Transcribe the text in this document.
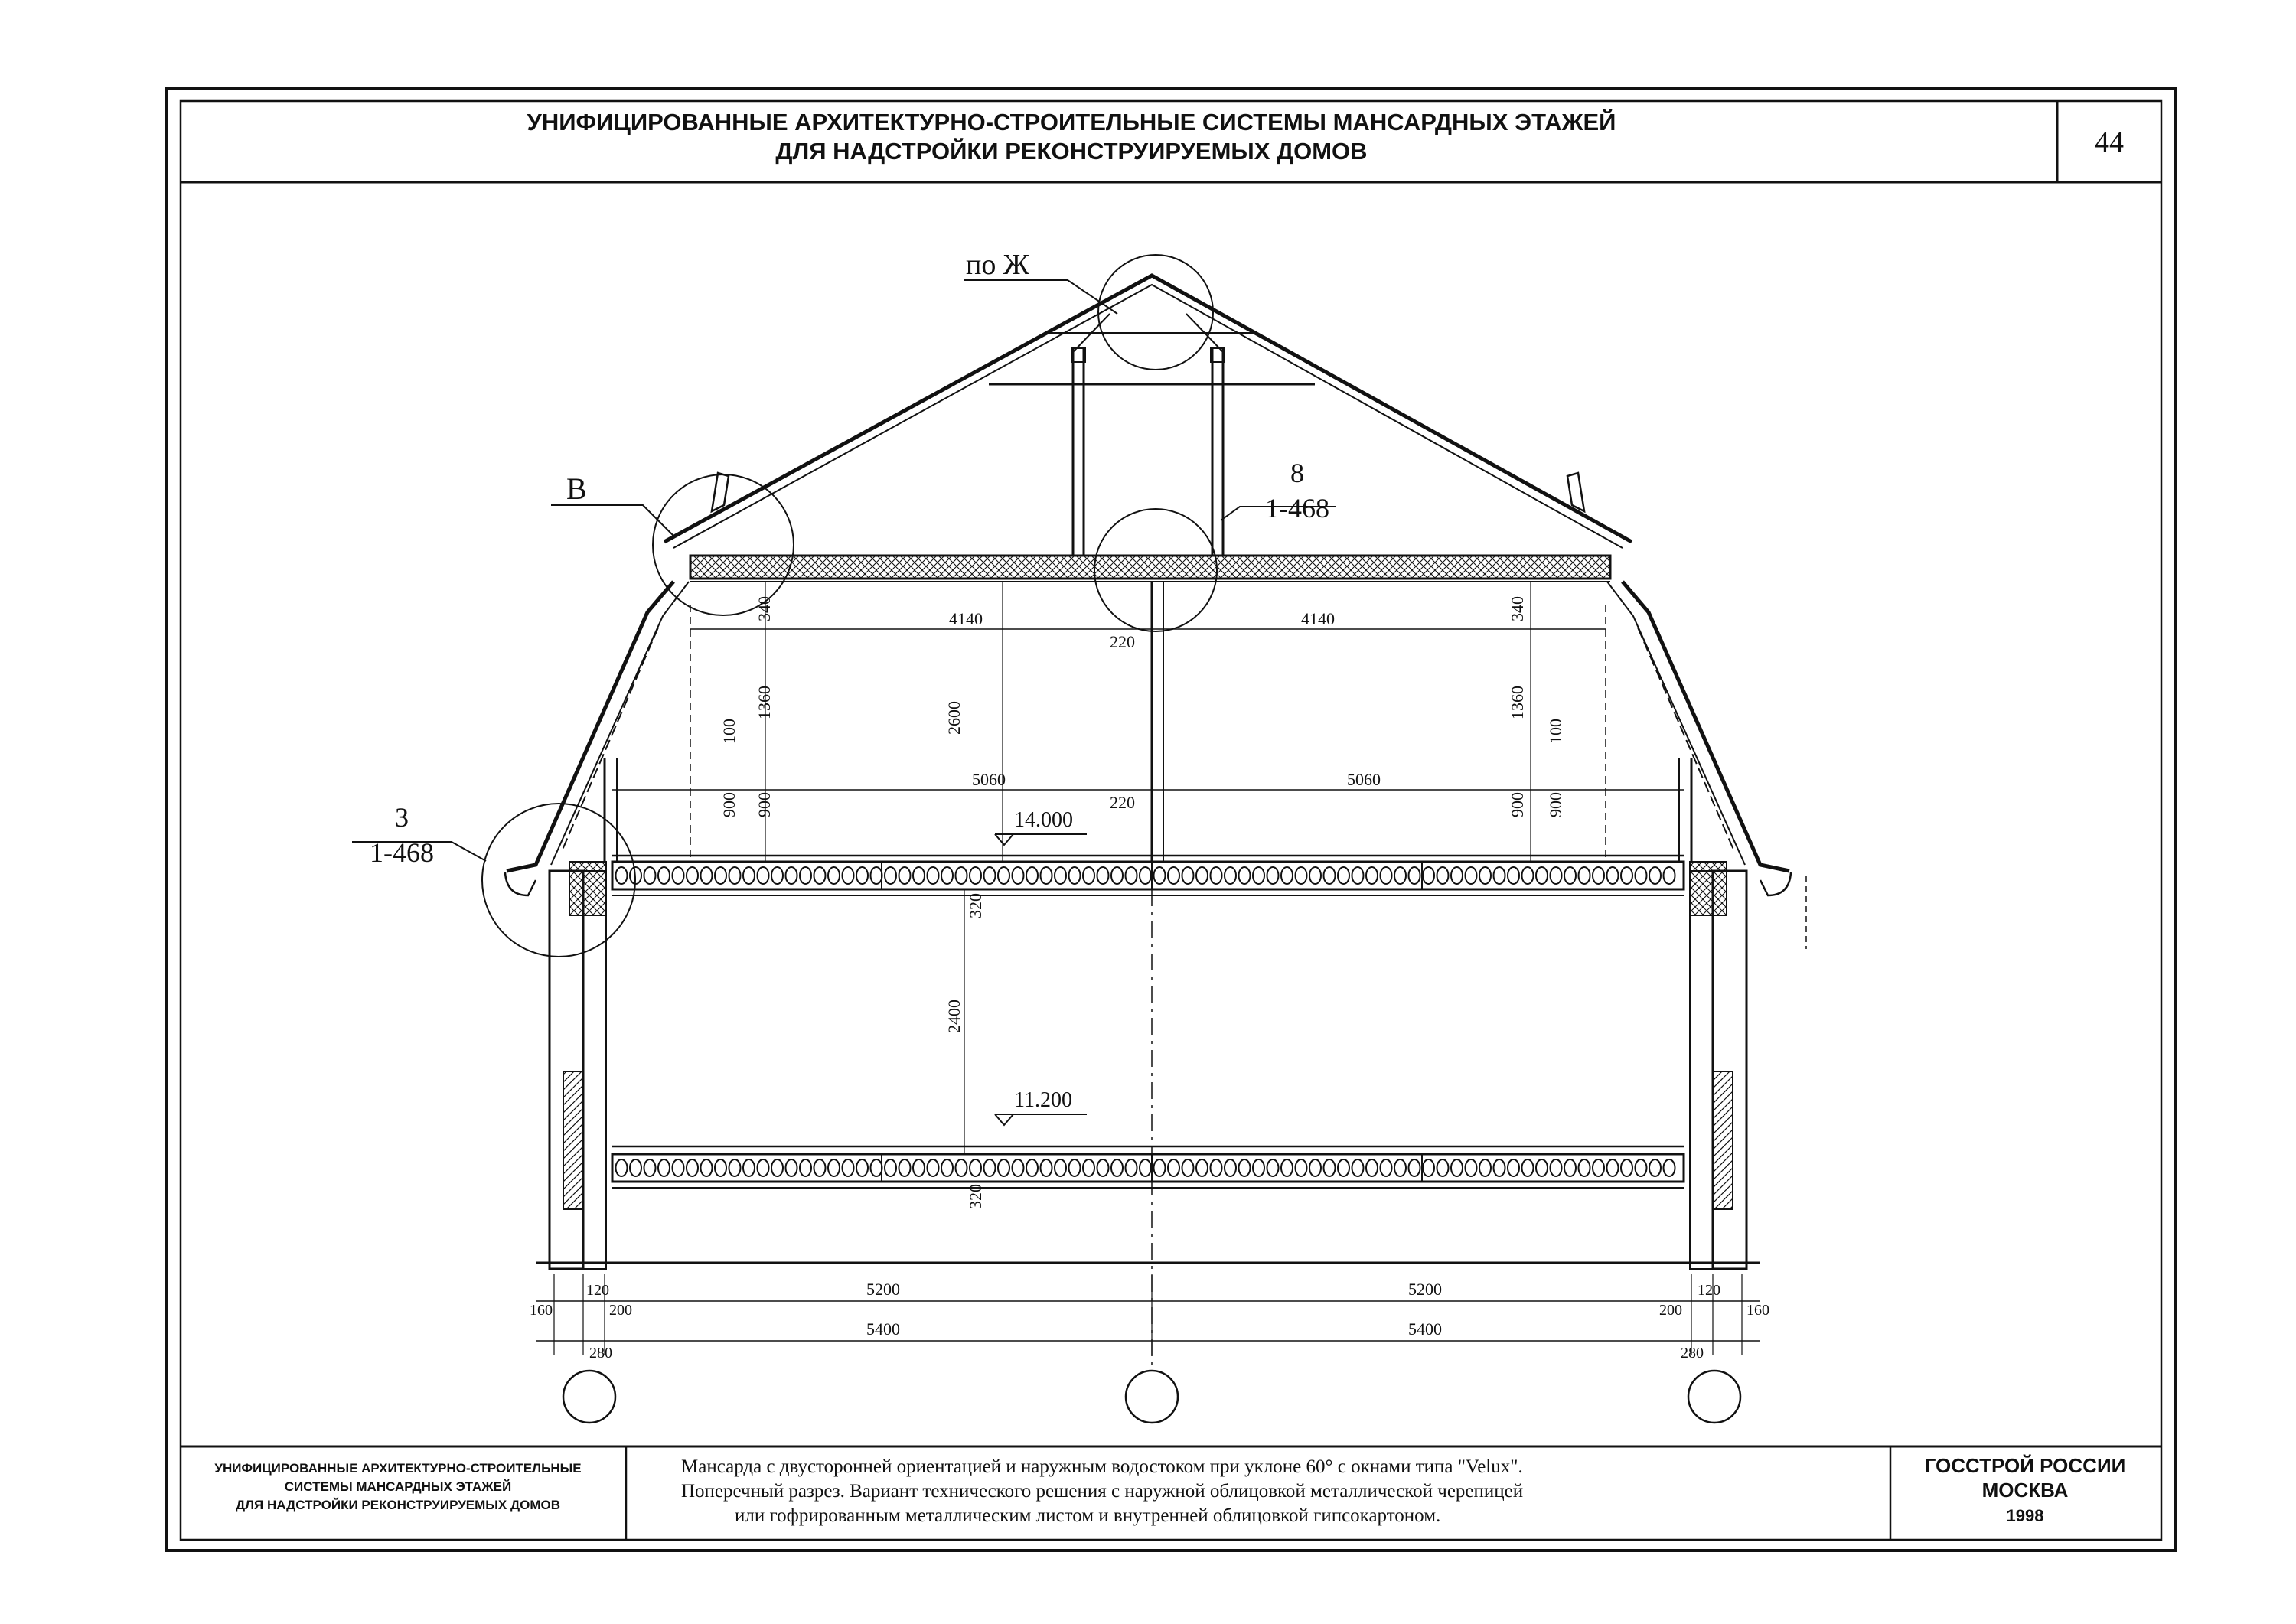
УНИФИЦИРОВАННЫЕ АРХИТЕКТУРНО-СТРОИТЕЛЬНЫЕ СИСТЕМЫ МАНСАРДНЫХ ЭТАЖЕЙ
ДЛЯ НАДСТРОЙКИ РЕКОНСТРУИРУЕМЫХ ДОМОВ	44
по Ж
В	8
1-468
3
1-468
14.000
11.200
4140	4140
220
5060	5060
220
340	340
1360	1360
2600
100	100
900 900	900 900
320
2400
320
5200	5200
5400	5400
120	120
160	160
200	200
280	280
УНИФИЦИРОВАННЫЕ АРХИТЕКТУРНО-СТРОИТЕЛЬНЫЕ
СИСТЕМЫ МАНСАРДНЫХ ЭТАЖЕЙ
ДЛЯ НАДСТРОЙКИ РЕКОНСТРУИРУЕМЫХ ДОМОВ
Мансарда с двусторонней ориентацией и наружным водостоком при уклоне 60° с окнами типа "Velux".
Поперечный разрез. Вариант технического решения с наружной облицовкой металлической черепицей
или гофрированным металлическим листом и внутренней облицовкой гипсокартоном.
ГОССТРОЙ РОССИИ
МОСКВА
1998
